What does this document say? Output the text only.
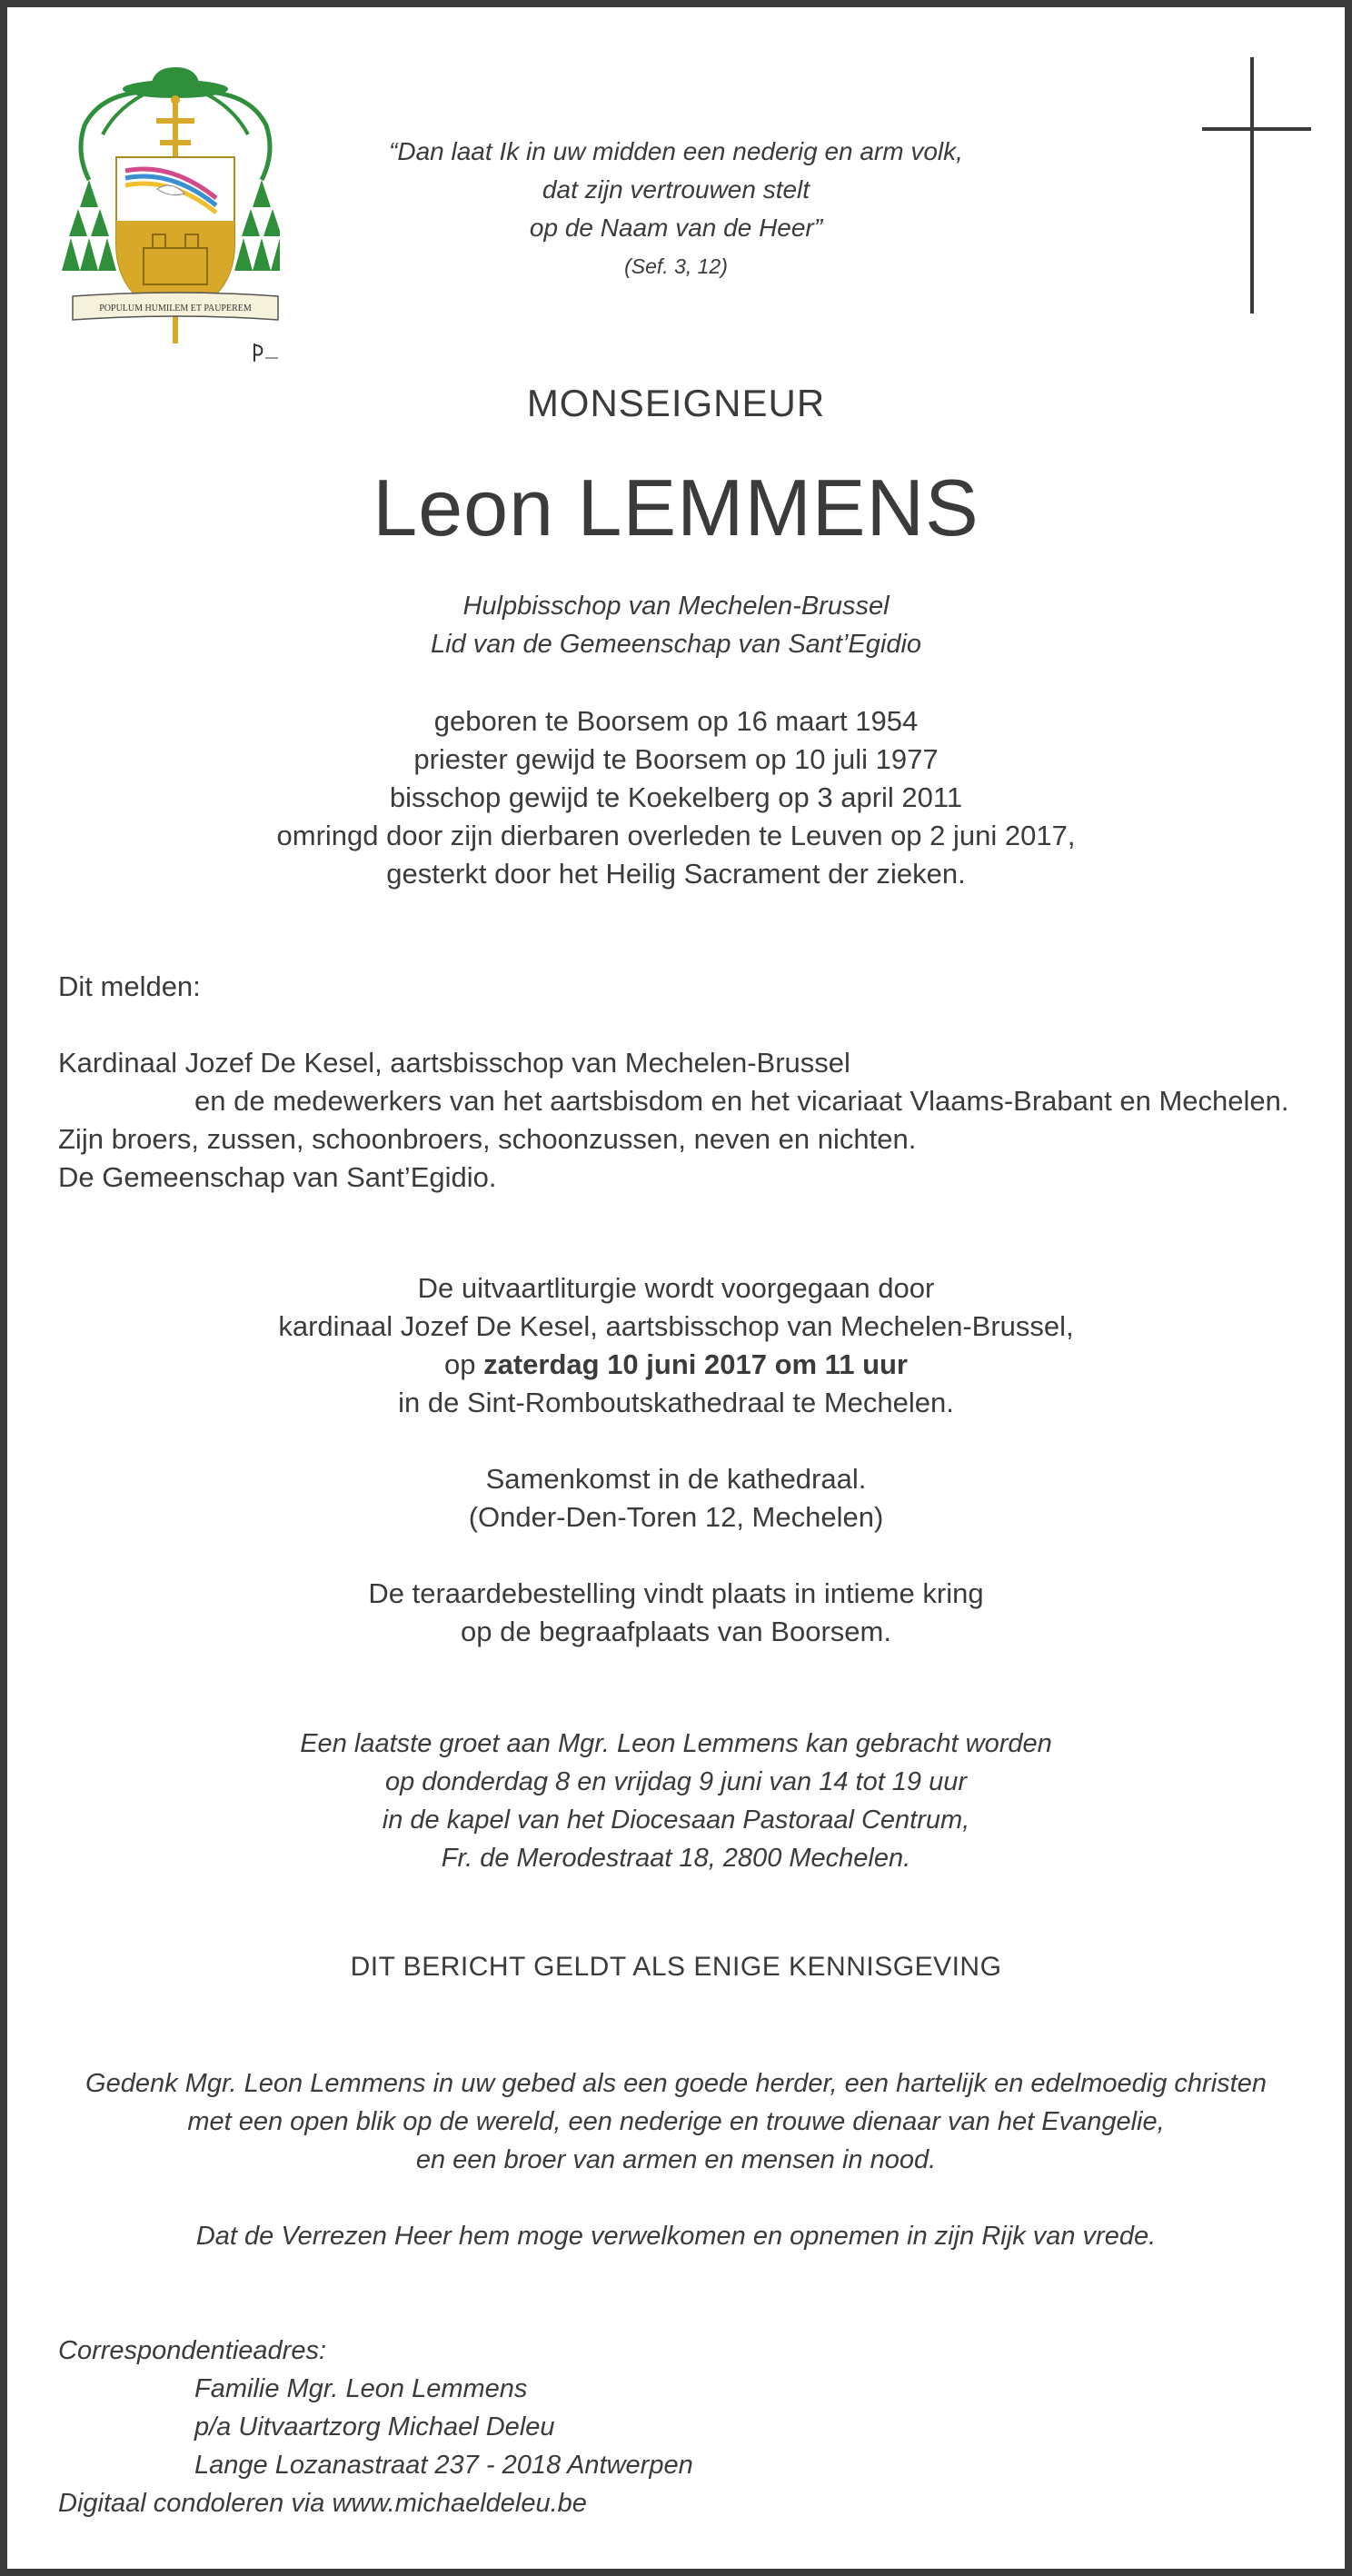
POPULUM HUMILEM ET PAUPEREM
“Dan laat Ik in uw midden een nederig en arm volk,
dat zijn vertrouwen stelt
op de Naam van de Heer”
(Sef. 3, 12)
MONSEIGNEUR
Leon LEMMENS
Hulpbisschop van Mechelen-Brussel
Lid van de Gemeenschap van Sant’Egidio
geboren te Boorsem op 16 maart 1954
priester gewijd te Boorsem op 10 juli 1977
bisschop gewijd te Koekelberg op 3 april 2011
omringd door zijn dierbaren overleden te Leuven op 2 juni 2017,
gesterkt door het Heilig Sacrament der zieken.
Dit melden:

Kardinaal Jozef De Kesel, aartsbisschop van Mechelen-Brussel
en de medewerkers van het aartsbisdom en het vicariaat Vlaams-Brabant en Mechelen.
Zijn broers, zussen, schoonbroers, schoonzussen, neven en nichten.
De Gemeenschap van Sant’Egidio.
De uitvaartliturgie wordt voorgegaan door
kardinaal Jozef De Kesel, aartsbisschop van Mechelen-Brussel,
op zaterdag 10 juni 2017 om 11 uur
in de Sint-Romboutskathedraal te Mechelen.
Samenkomst in de kathedraal.
(Onder-Den-Toren 12, Mechelen)
De teraardebestelling vindt plaats in intieme kring
op de begraafplaats van Boorsem.
Een laatste groet aan Mgr. Leon Lemmens kan gebracht worden
op donderdag 8 en vrijdag 9 juni van 14 tot 19 uur
in de kapel van het Diocesaan Pastoraal Centrum,
Fr. de Merodestraat 18, 2800 Mechelen.
DIT BERICHT GELDT ALS ENIGE KENNISGEVING
Gedenk Mgr. Leon Lemmens in uw gebed als een goede herder, een hartelijk en edelmoedig christen
met een open blik op de wereld, een nederige en trouwe dienaar van het Evangelie,
en een broer van armen en mensen in nood.

Dat de Verrezen Heer hem moge verwelkomen en opnemen in zijn Rijk van vrede.
Correspondentieadres:
Familie Mgr. Leon Lemmens
p/a Uitvaartzorg Michael Deleu
Lange Lozanastraat 237 - 2018 Antwerpen
Digitaal condoleren via www.michaeldeleu.be
